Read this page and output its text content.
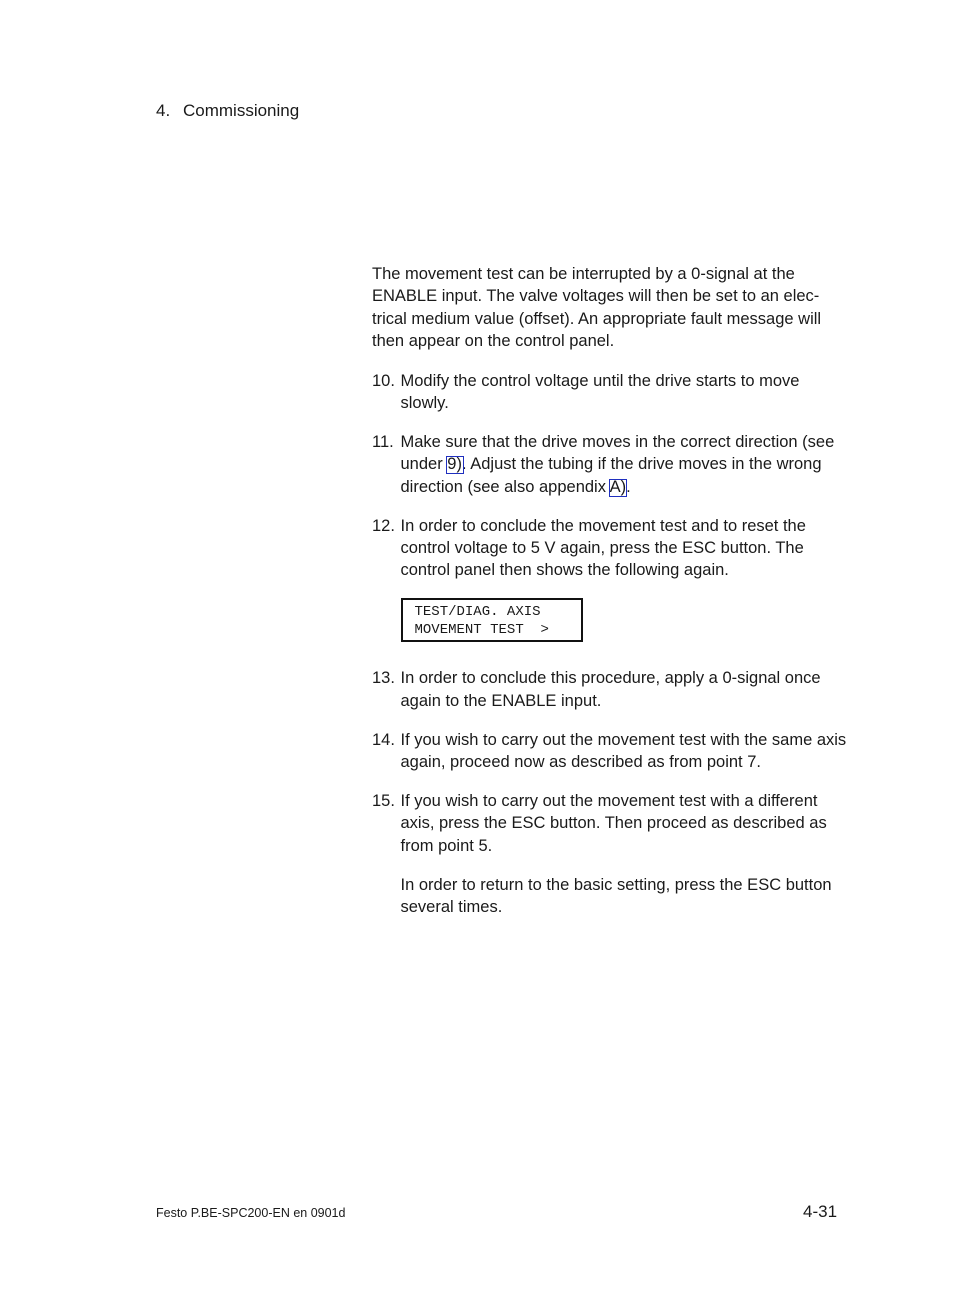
4. Commissioning

The movement test can be interrupted by a 0-signal at the ENABLE input. The valve voltages will then be set to an elec-trical medium value (offset). An appropriate fault message will then appear on the control panel.

10. Modify the control voltage until the drive starts to move slowly.
11. Make sure that the drive moves in the correct direction (see under 9). Adjust the tubing if the drive moves in the wrong direction (see also appendix A).
12. In order to conclude the movement test and to reset the control voltage to 5 V again, press the ESC button. The control panel then shows the following again.
TEST/DIAG. AXIS
MOVEMENT TEST  >
13. In order to conclude this procedure, apply a 0-signal once again to the ENABLE input.
14. If you wish to carry out the movement test with the same axis again, proceed now as described as from point 7.
15. If you wish to carry out the movement test with a different axis, press the ESC button. Then proceed as described as from point 5.

In order to return to the basic setting, press the ESC button several times.

Festo P.BE-SPC200-EN en 0901d	4-31
